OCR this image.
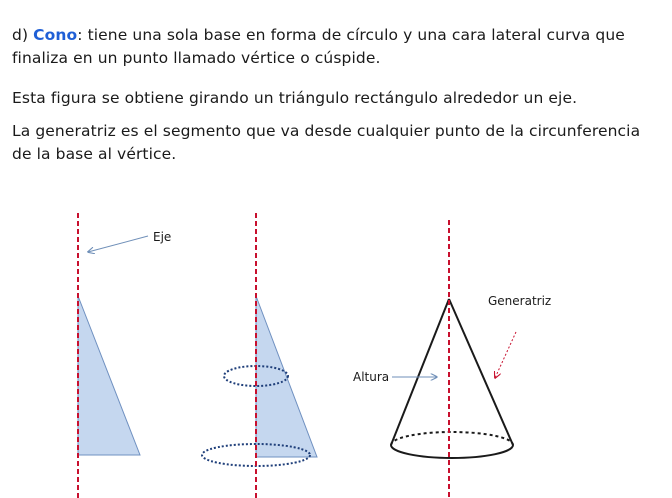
d) Cono: tiene una sola base en forma de círculo y una cara lateral curva que finaliza en un punto llamado vértice o cúspide.
Esta figura se obtiene girando un triángulo rectángulo alrededor un eje.
La generatriz es el segmento que va desde cualquier punto de la circunferencia de la base al vértice.
Eje
Altura
Generatriz
